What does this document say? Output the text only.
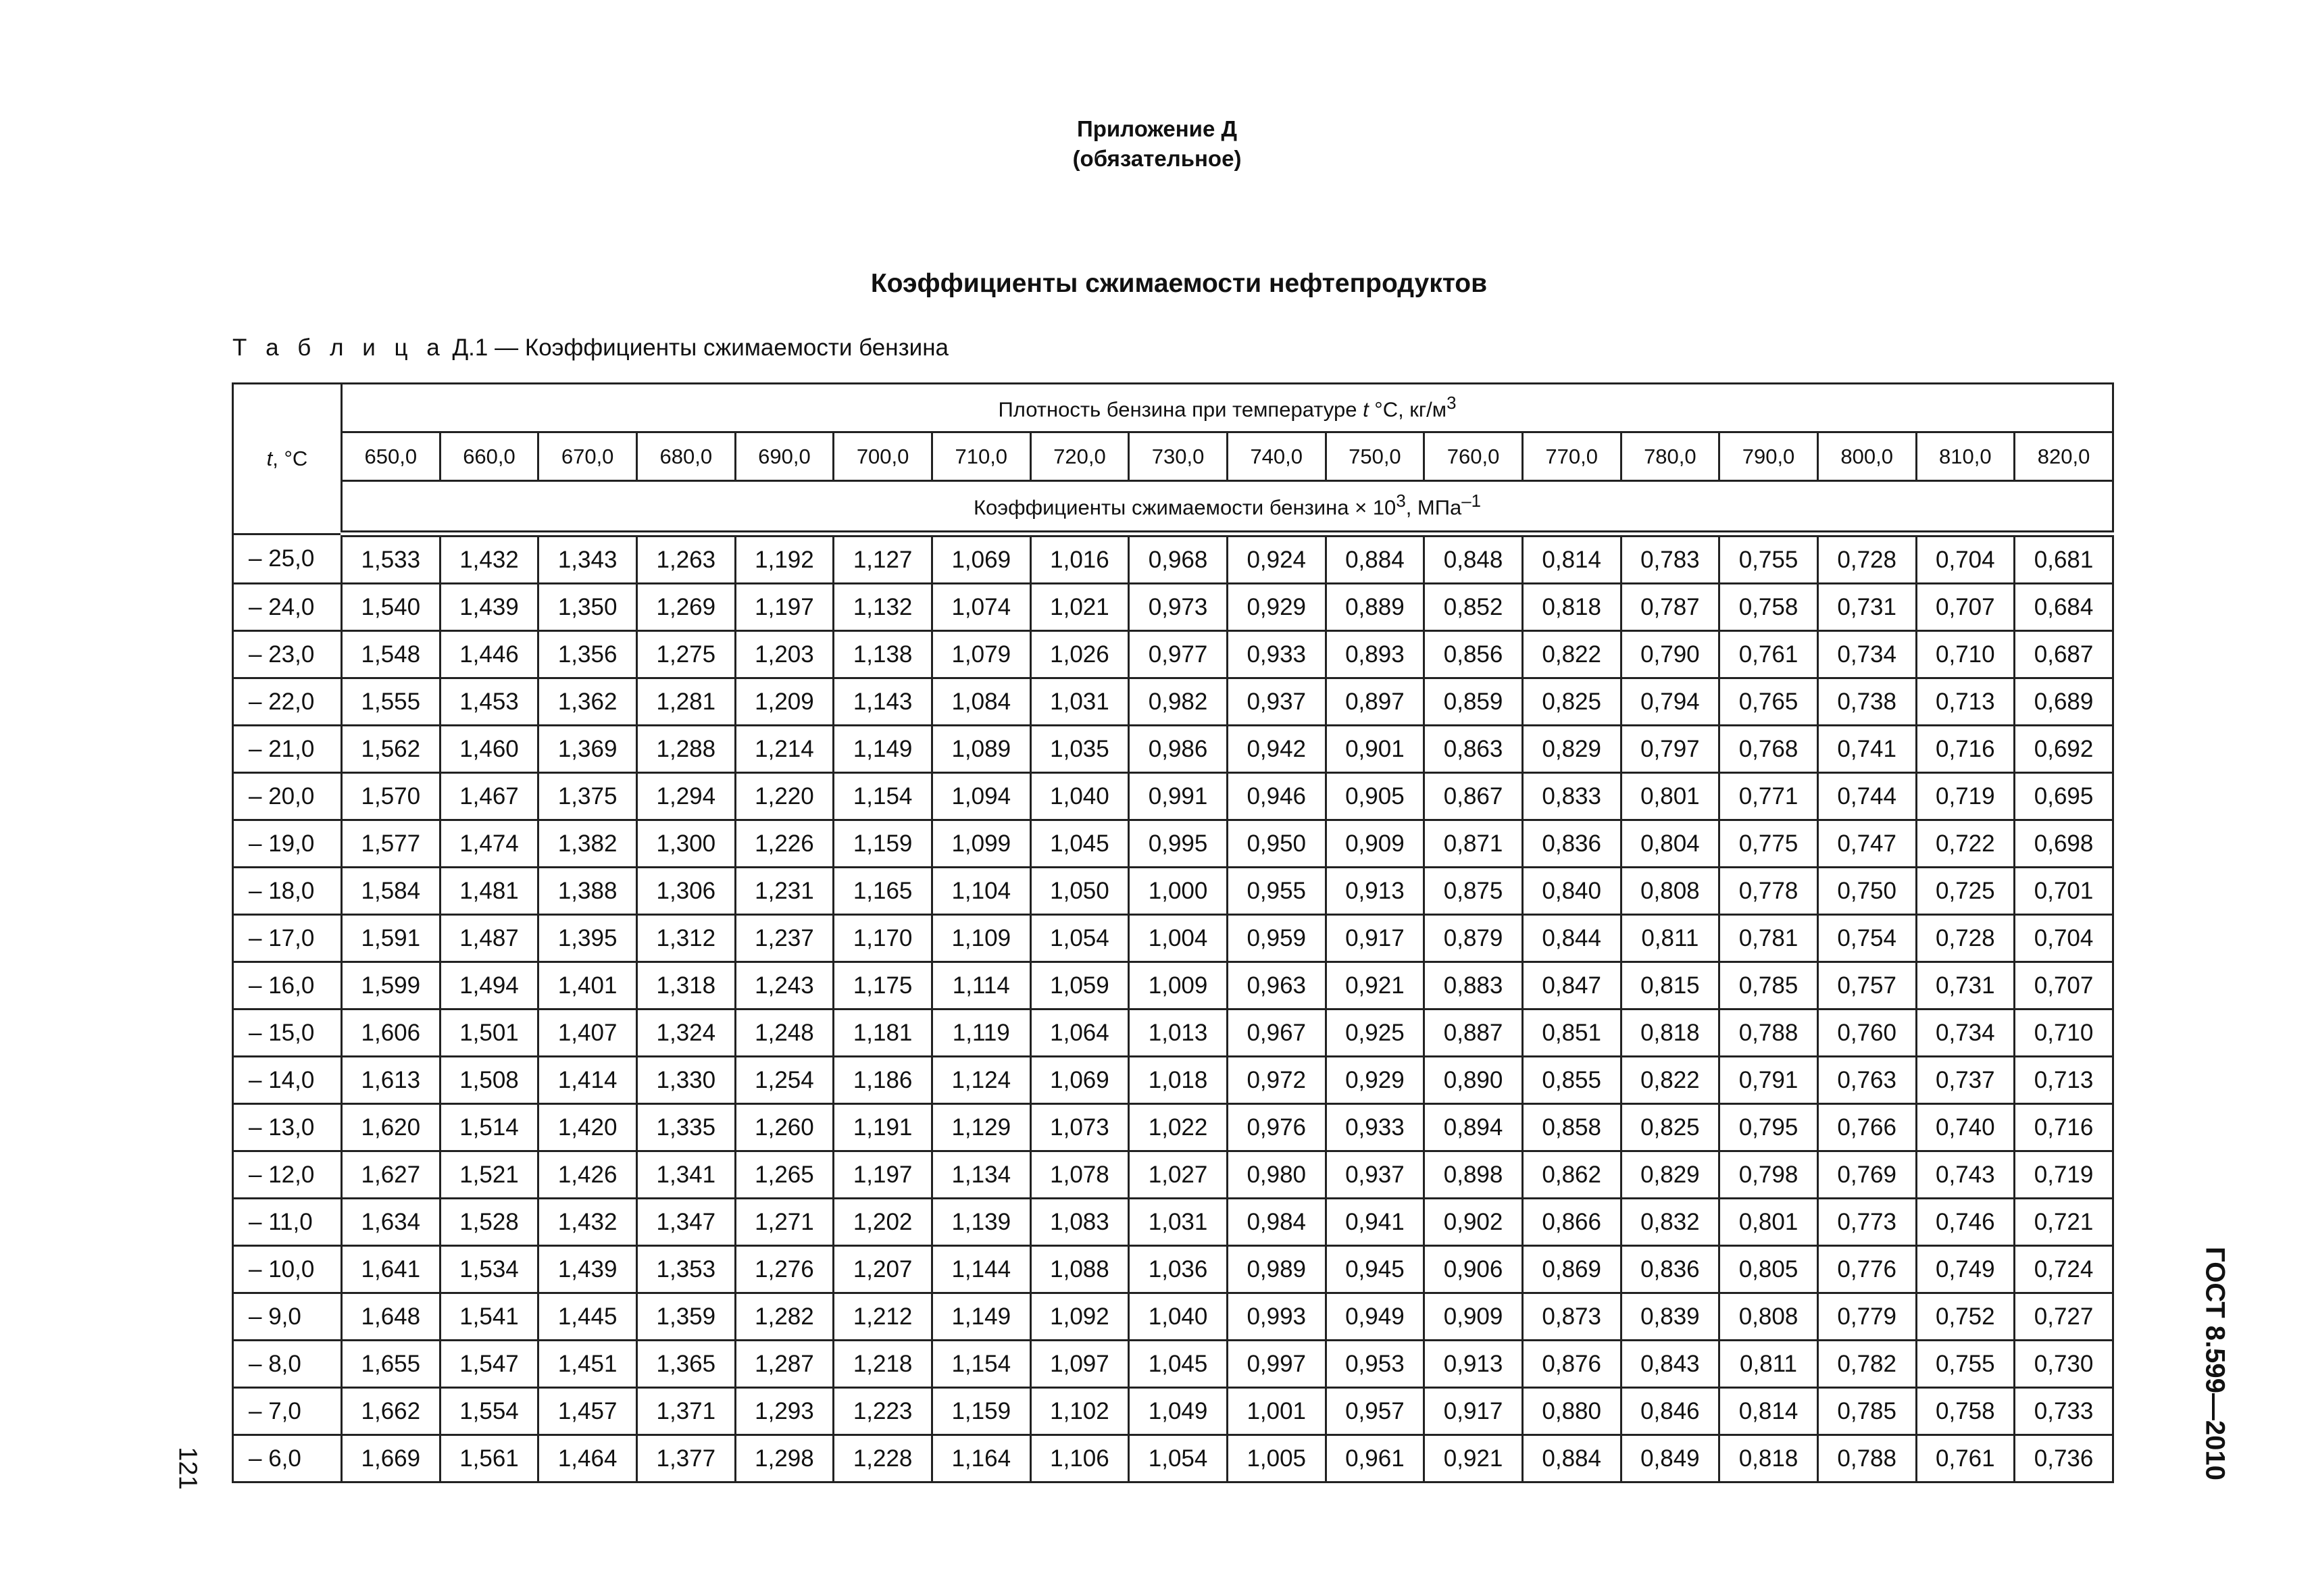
Приложение Д
(обязательное)
Коэффициенты сжимаемости нефтепродуктов
Т а б л и ц а Д.1 — Коэффициенты сжимаемости бензина
t, °C	Плотность бензина при температуре t °С, $кг/м^3$
	650,0	660,0	670,0	680,0	690,0	700,0	710,0	720,0	730,0	740,0	750,0	760,0	770,0	780,0	790,0	800,0	810,0	820,0
	Коэффициенты сжимаемости бензина × $10^3$, МПа$^{-1}$
– 25,0	1,533	1,432	1,343	1,263	1,192	1,127	1,069	1,016	0,968	0,924	0,884	0,848	0,814	0,783	0,755	0,728	0,704	0,681
– 24,0	1,540	1,439	1,350	1,269	1,197	1,132	1,074	1,021	0,973	0,929	0,889	0,852	0,818	0,787	0,758	0,731	0,707	0,684
– 23,0	1,548	1,446	1,356	1,275	1,203	1,138	1,079	1,026	0,977	0,933	0,893	0,856	0,822	0,790	0,761	0,734	0,710	0,687
– 22,0	1,555	1,453	1,362	1,281	1,209	1,143	1,084	1,031	0,982	0,937	0,897	0,859	0,825	0,794	0,765	0,738	0,713	0,689
– 21,0	1,562	1,460	1,369	1,288	1,214	1,149	1,089	1,035	0,986	0,942	0,901	0,863	0,829	0,797	0,768	0,741	0,716	0,692
– 20,0	1,570	1,467	1,375	1,294	1,220	1,154	1,094	1,040	0,991	0,946	0,905	0,867	0,833	0,801	0,771	0,744	0,719	0,695
– 19,0	1,577	1,474	1,382	1,300	1,226	1,159	1,099	1,045	0,995	0,950	0,909	0,871	0,836	0,804	0,775	0,747	0,722	0,698
– 18,0	1,584	1,481	1,388	1,306	1,231	1,165	1,104	1,050	1,000	0,955	0,913	0,875	0,840	0,808	0,778	0,750	0,725	0,701
– 17,0	1,591	1,487	1,395	1,312	1,237	1,170	1,109	1,054	1,004	0,959	0,917	0,879	0,844	0,811	0,781	0,754	0,728	0,704
– 16,0	1,599	1,494	1,401	1,318	1,243	1,175	1,114	1,059	1,009	0,963	0,921	0,883	0,847	0,815	0,785	0,757	0,731	0,707
– 15,0	1,606	1,501	1,407	1,324	1,248	1,181	1,119	1,064	1,013	0,967	0,925	0,887	0,851	0,818	0,788	0,760	0,734	0,710
– 14,0	1,613	1,508	1,414	1,330	1,254	1,186	1,124	1,069	1,018	0,972	0,929	0,890	0,855	0,822	0,791	0,763	0,737	0,713
– 13,0	1,620	1,514	1,420	1,335	1,260	1,191	1,129	1,073	1,022	0,976	0,933	0,894	0,858	0,825	0,795	0,766	0,740	0,716
– 12,0	1,627	1,521	1,426	1,341	1,265	1,197	1,134	1,078	1,027	0,980	0,937	0,898	0,862	0,829	0,798	0,769	0,743	0,719
– 11,0	1,634	1,528	1,432	1,347	1,271	1,202	1,139	1,083	1,031	0,984	0,941	0,902	0,866	0,832	0,801	0,773	0,746	0,721
– 10,0	1,641	1,534	1,439	1,353	1,276	1,207	1,144	1,088	1,036	0,989	0,945	0,906	0,869	0,836	0,805	0,776	0,749	0,724
– 9,0	1,648	1,541	1,445	1,359	1,282	1,212	1,149	1,092	1,040	0,993	0,949	0,909	0,873	0,839	0,808	0,779	0,752	0,727
– 8,0	1,655	1,547	1,451	1,365	1,287	1,218	1,154	1,097	1,045	0,997	0,953	0,913	0,876	0,843	0,811	0,782	0,755	0,730
– 7,0	1,662	1,554	1,457	1,371	1,293	1,223	1,159	1,102	1,049	1,001	0,957	0,917	0,880	0,846	0,814	0,785	0,758	0,733
– 6,0	1,669	1,561	1,464	1,377	1,298	1,228	1,164	1,106	1,054	1,005	0,961	0,921	0,884	0,849	0,818	0,788	0,761	0,736	ГОСТ 8.599—2010
121
